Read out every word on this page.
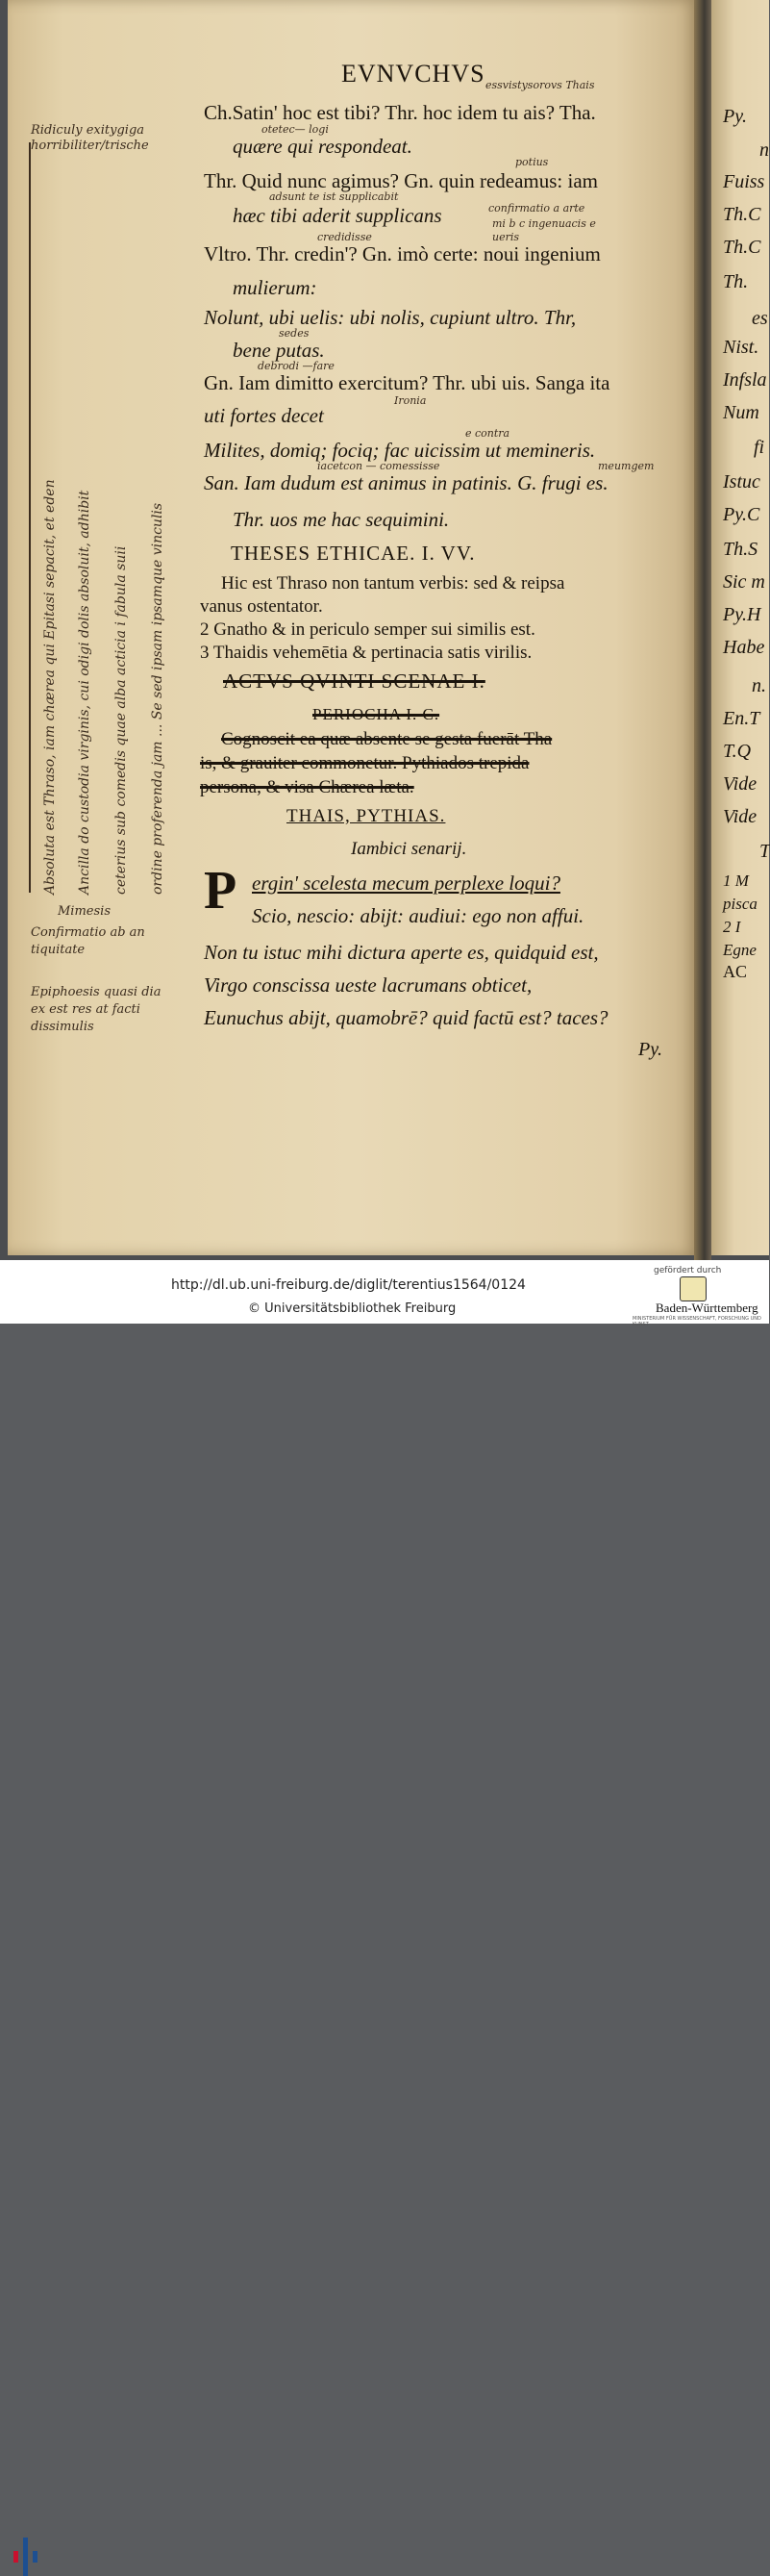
EVNVCHVS
Ch.Satin' hoc est tibi? Thr. hoc idem tu ais? Tha.
quære qui respondeat.
Thr. Quid nunc agimus? Gn. quin redeamus: iam
hæc tibi aderit supplicans
Vltro. Thr. credin'? Gn. imò certe: noui ingenium
mulierum:
Nolunt, ubi uelis: ubi nolis, cupiunt ultro. Thr,
bene putas.
Gn. Iam dimitto exercitum? Thr. ubi uis. Sanga ita
uti fortes decet
Milites, domiq; fociq; fac uicissim ut memineris.
San. Iam dudum est animus in patinis. G. frugi es.
Thr. uos me hac sequimini.
THESES ETHICAE. I. VV.
Hic est Thraso non tantum verbis: sed & reipsa
vanus ostentator.
2 Gnatho & in periculo semper sui similis est.
3 Thaidis vehemētia & pertinacia satis virilis.
ACTVS QVINTI SCENAE I.
PERIOCHA I. C.
Cognoscit ea quæ absente se gesta fuerāt Tha
is, & grauiter commonetur. Pythiados trepida
persona, & visa Chærea læta.
THAIS, PYTHIAS.
Iambici senarij.
P ergin' scelesta mecum perplexe loqui?
Scio, nescio: abijt: audiui: ego non affui.
Non tu istuc mihi dictura aperte es, quidquid est,
Virgo conscissa ueste lacrumans obticet,
Eunuchus abijt, quamobrē? quid factū est? taces?
Py.
Py.
n
Fuiss
Th.C
Th.C
Th.
es
Nist.
Infsla
Num
fi
Istuc
Py.C
Th.S
Sic m
Py.H
Habe
n.
En.T
T.Q
Vide
Vide
T
1 M
pisca
2 I
Egne
AC
Ridiculy exitygiga
horribiliter/trische
essvistysorovs Thais
otetec— logi
potius
adsunt te ist supplicabit
confirmatio a arte
credidisse
mi b c ingenuacis e
ueris
sedes
debrodi —fare
Ironia
e contra
iacetcon — comessisse	meumgem
Absoluta est Thraso, iam chærea qui Epitasi sepacit, et eden Ancilla do custodia virginis, cui odigi dolis absoluit, adhibit ceterius sub comedis quae alba acticia i fabula suii ordine proferenda jam ... Se sed ipsam ipsamque vinculis
Mimesis
Confirmatio ab an
tiquitate
Epiphoesis quasi dia
ex est res at facti
dissimulis
http://dl.ub.uni-freiburg.de/diglit/terentius1564/0124
© Universitätsbibliothek Freiburg
gefördert durch
Baden-Württemberg
MINISTERIUM FÜR WISSENSCHAFT, FORSCHUNG UND KUNST
